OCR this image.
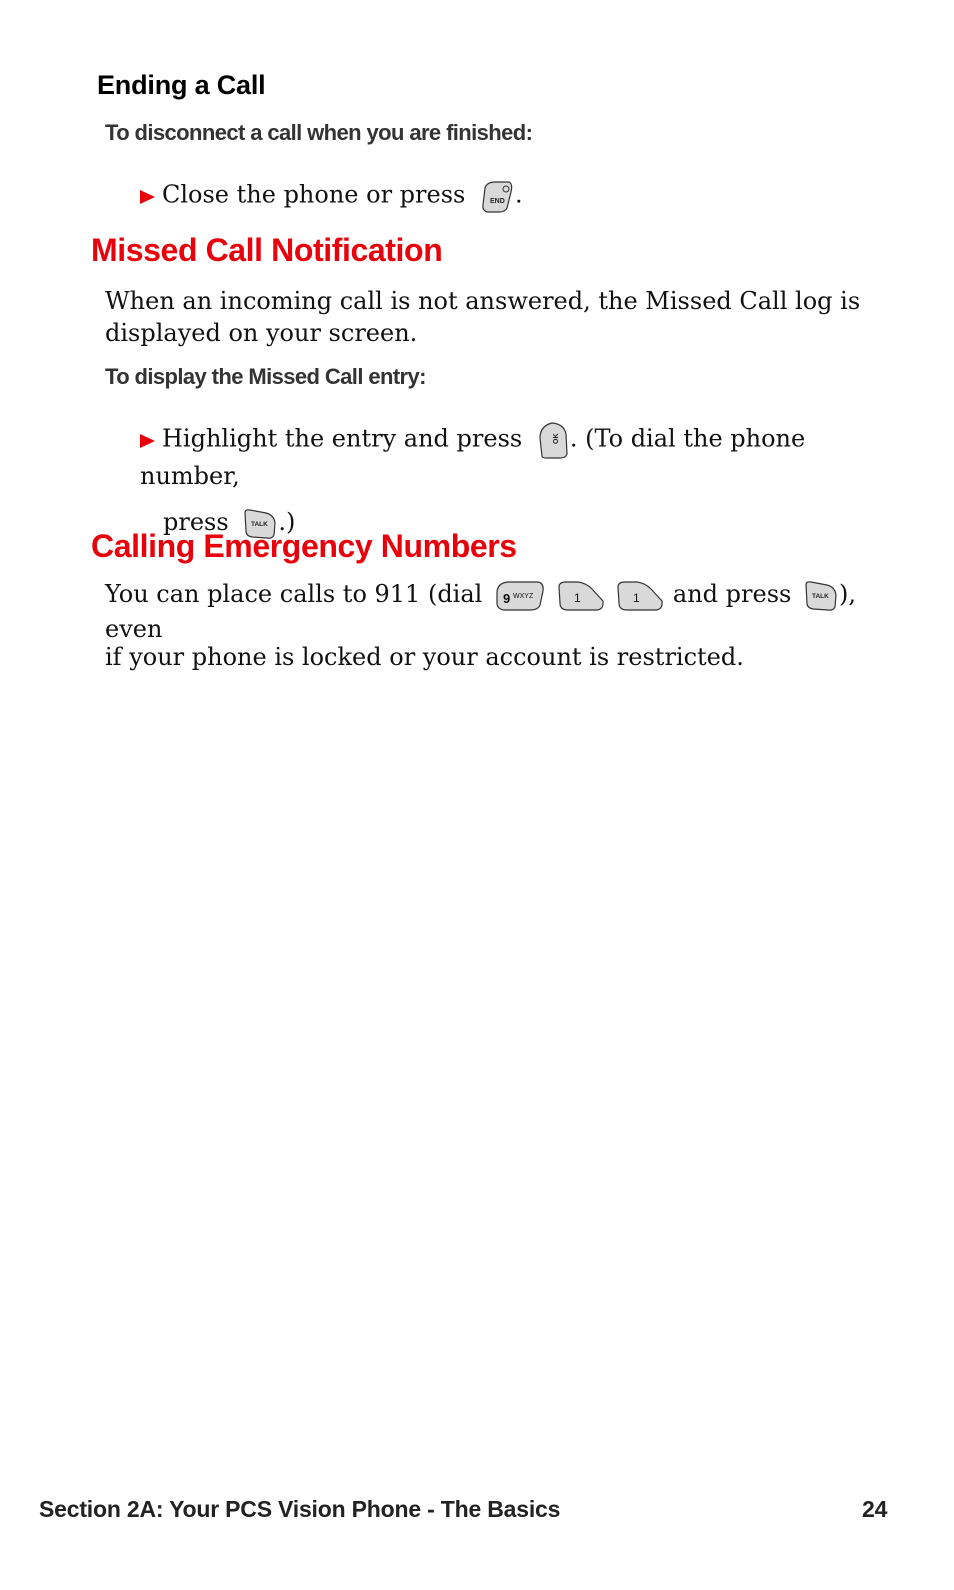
Ending a Call
To disconnect a call when you are finished:
Close the phone or press	END .
Missed Call Notification
When an incoming call is not answered, the Missed Call log is displayed on your screen.
To display the Missed Call entry:
Highlight the entry and press	OK . (To dial the phone number,
press	TALK .)
Calling Emergency Numbers
You can place calls to 911 (dial 9 WXYZ
	1
	1 and press	TALK ), even
if your phone is locked or your account is restricted.
Section 2A: Your PCS Vision Phone - The Basics	24
